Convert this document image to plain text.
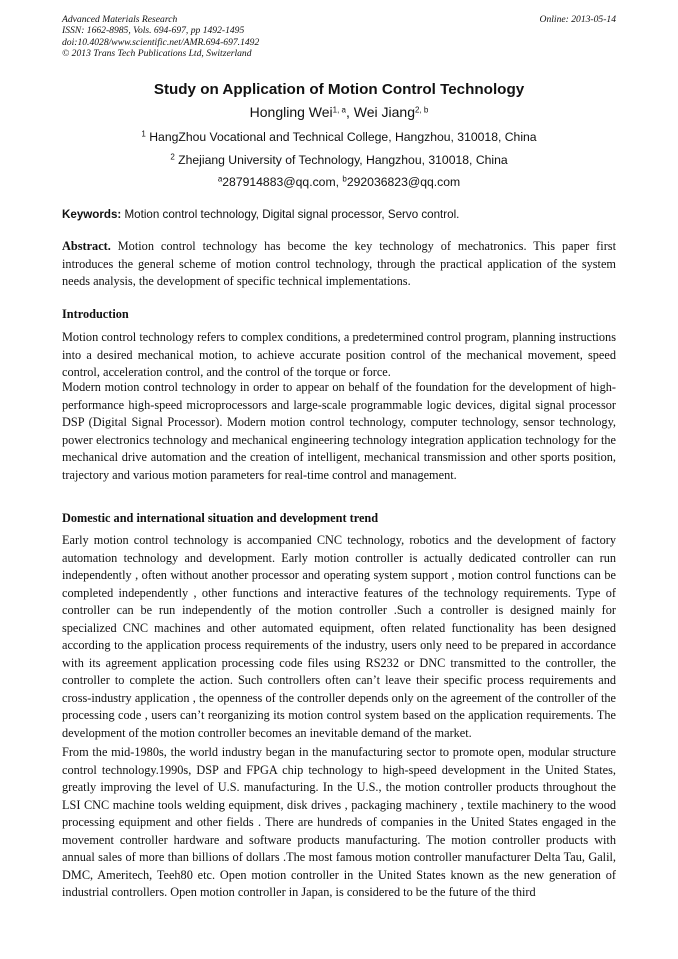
Advanced Materials Research
ISSN: 1662-8985, Vols. 694-697, pp 1492-1495
doi:10.4028/www.scientific.net/AMR.694-697.1492
© 2013 Trans Tech Publications Ltd, Switzerland
Online: 2013-05-14
Study on Application of Motion Control Technology
Hongling Wei$^{1, a}$, Wei Jiang$^{2, b}$
$^1$ HangZhou Vocational and Technical College, Hangzhou, 310018, China
$^2$ Zhejiang University of Technology, Hangzhou, 310018, China
$^a$287914883@qq.com, $^b$292036823@qq.com
Keywords: Motion control technology, Digital signal processor, Servo control.

Abstract. Motion control technology has become the key technology of mechatronics. This paper first introduces the general scheme of motion control technology, through the practical application of the system needs analysis, the development of specific technical implementations.

Introduction

Motion control technology refers to complex conditions, a predetermined control program, planning instructions into a desired mechanical motion, to achieve accurate position control of the mechanical movement, speed control, acceleration control, and the control of the torque or force.

Modern motion control technology in order to appear on behalf of the foundation for the development of high-performance high-speed microprocessors and large-scale programmable logic devices, digital signal processor DSP (Digital Signal Processor). Modern motion control technology, computer technology, sensor technology, power electronics technology and mechanical engineering technology integration application technology for the mechanical drive automation and the creation of intelligent, mechanical transmission and other sports position, trajectory and various motion parameters for real-time control and management.

Domestic and international situation and development trend

Early motion control technology is accompanied CNC technology, robotics and the development of factory automation technology and development. Early motion controller is actually dedicated controller can run independently , often without another processor and operating system support , motion control functions can be completed independently , other functions and interactive features of the technology requirements. Type of controller can be run independently of the motion controller .Such a controller is designed mainly for specialized CNC machines and other automated equipment, often related functionality has been designed according to the application process requirements of the industry, users only need to be prepared in accordance with its agreement application processing code files using RS232 or DNC transmitted to the controller, the controller to complete the action. Such controllers often can’t leave their specific process requirements and cross-industry application , the openness of the controller depends only on the agreement of the controller of the processing code , users can’t reorganizing its motion control system based on the application requirements. The development of the motion controller becomes an inevitable demand of the market.

From the mid-1980s, the world industry began in the manufacturing sector to promote open, modular structure control technology.1990s, DSP and FPGA chip technology to high-speed development in the United States, greatly improving the level of U.S. manufacturing. In the U.S., the motion controller products throughout the LSI CNC machine tools welding equipment, disk drives , packaging machinery , textile machinery to the wood processing equipment and other fields . There are hundreds of companies in the United States engaged in the movement controller hardware and software products manufacturing. The motion controller products with annual sales of more than billions of dollars .The most famous motion controller manufacturer Delta Tau, Galil, DMC, Ameritech, Teeh80 etc. Open motion controller in the United States known as the new generation of industrial controllers. Open motion controller in Japan, is considered to be the future of the third
